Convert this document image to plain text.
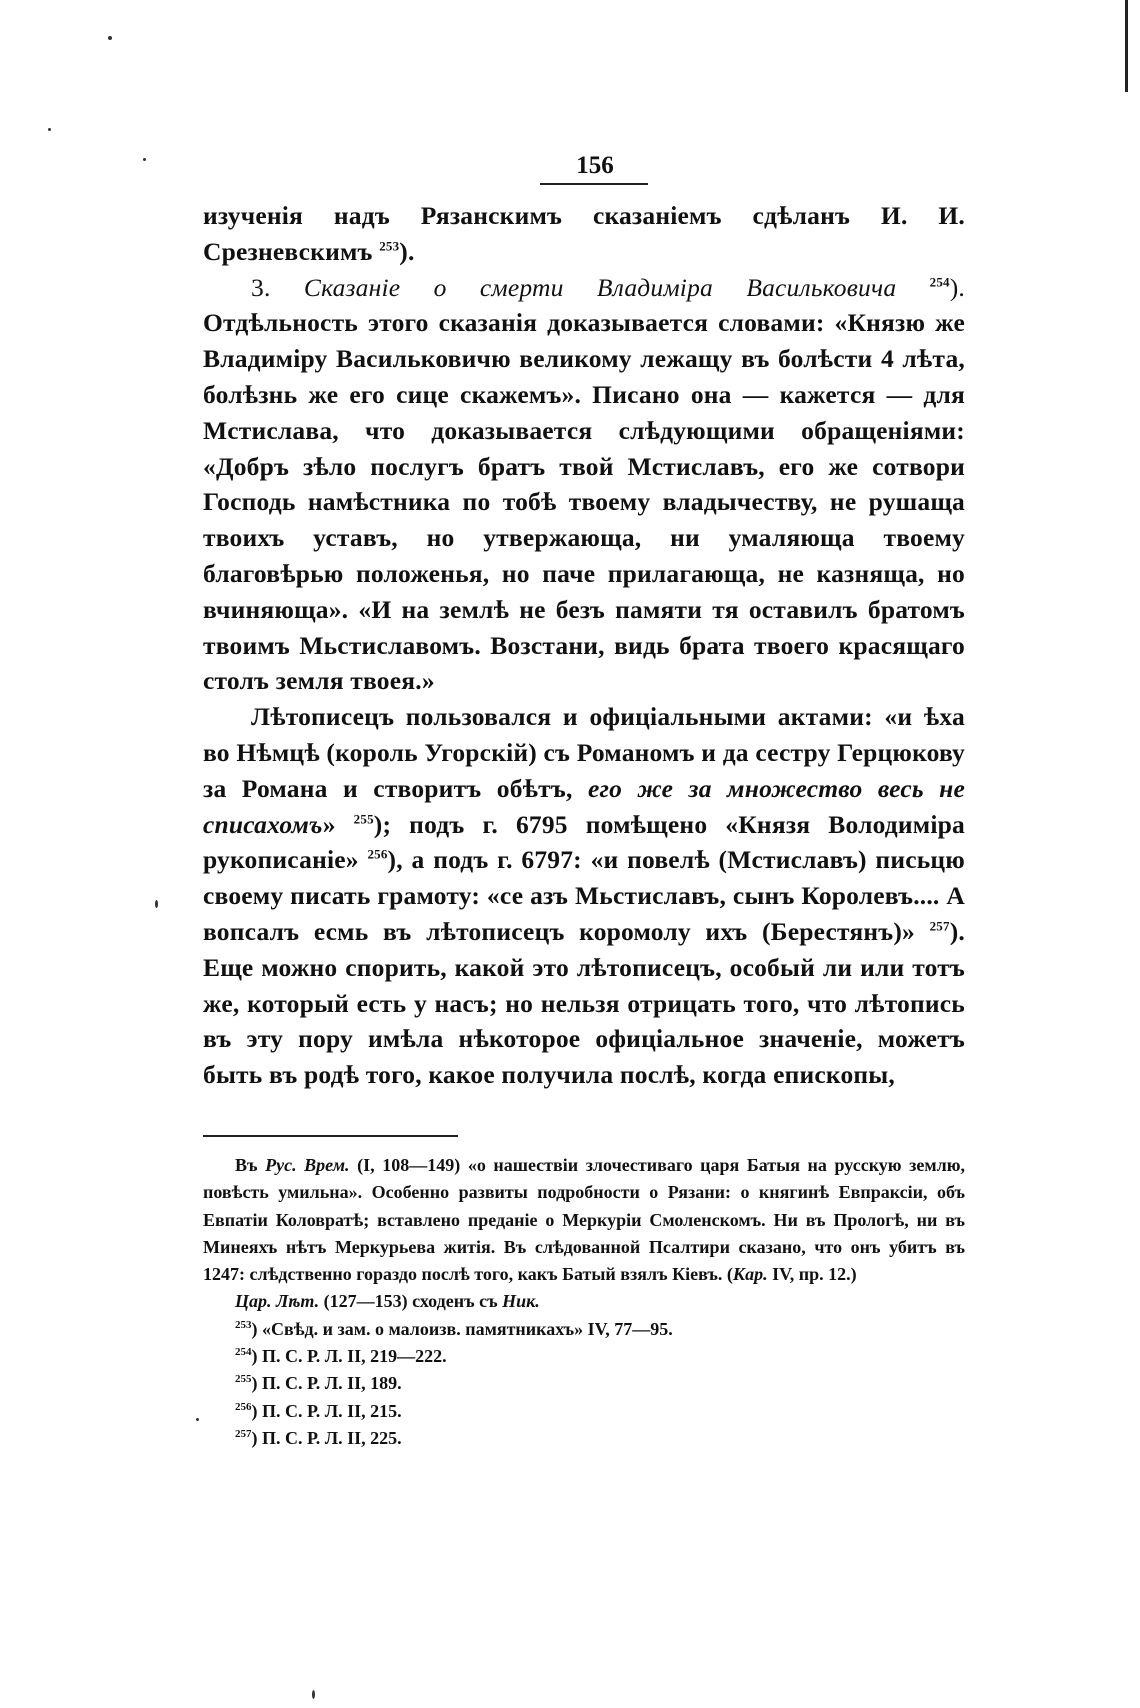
156

изученія надъ Рязанскимъ сказаніемъ сдѣланъ И. И. Срезневскимъ $^{253}$).

3. Сказаніе о смерти Владиміра Васильковича	$^{254}$). Отдѣльность этого сказанія доказывается словами: «Князю же Владиміру Васильковичю великому лежащу въ болѣсти 4 лѣта, болѣзнь же его сице скажемъ». Писано она — кажется — для Мстислава, что доказывается слѣдующими обращеніями: «Добръ зѣло послугъ братъ твой Мстиславъ, его же сотвори Господь намѣстника по тобѣ твоему владычеству, не рушаща твоихъ уставъ, но утвержающа, ни умаляюща твоему благовѣрью положенья, но паче прилагающа, не казняща, но вчиняюща». «И на землѣ не безъ памяти тя оставилъ братомъ твоимъ Мьстиславомъ. Возстани, видь брата твоего красящаго столъ земля твоея.»

Лѣтописецъ пользовался и офиціальными актами: «и ѣха во Нѣмцѣ (король Угорскій) съ Романомъ и да сестру Герцюкову за Романа и створитъ обѣтъ, его же за множество весь не списахомъ» $^{255}$); подъ г. 6795 помѣщено «Князя Володиміра рукописаніе» $^{256}$), а подъ г. 6797: «и повелѣ (Мстиславъ) письцю своему писать грамоту: «се азъ Мьстиславъ, сынъ Королевъ.... А вопсалъ есмь въ лѣтописецъ коромолу ихъ (Берестянъ)» $^{257}$). Еще можно спорить, какой это лѣтописецъ, особый ли или тотъ же, который есть у насъ; но нельзя отрицать того, что лѣтопись въ эту пору имѣла нѣкоторое офиціальное значеніе, можетъ быть въ родѣ того, какое получила послѣ, когда епископы,

Въ Рус. Врем. (I, 108—149) «о нашествіи злочестиваго царя Батыя на русскую землю, повѣсть умильна». Особенно развиты подробности о Рязани: о княгинѣ Евпраксіи, объ Евпатіи Коловратѣ; вставлено преданіе о Меркуріи Смоленскомъ. Ни въ Прологѣ, ни въ Минеяхъ нѣтъ Меркурьева житія. Въ слѣдованной Псалтири сказано, что онъ убитъ въ 1247: слѣдственно гораздо послѣ того, какъ Батый взялъ Кіевъ. (Кар. IV, пр. 12.)

Цар. Лѣт. (127—153) сходенъ съ Ник.

$^{253}$) «Свѣд. и зам. о малоизв. памятникахъ» IV, 77—95.

$^{254}$) П. С. Р. Л. II, 219—222.

$^{255}$) П. С. Р. Л. II, 189.

$^{256}$) П. С. Р. Л. II, 215.

$^{257}$) П. С. Р. Л. II, 225.
